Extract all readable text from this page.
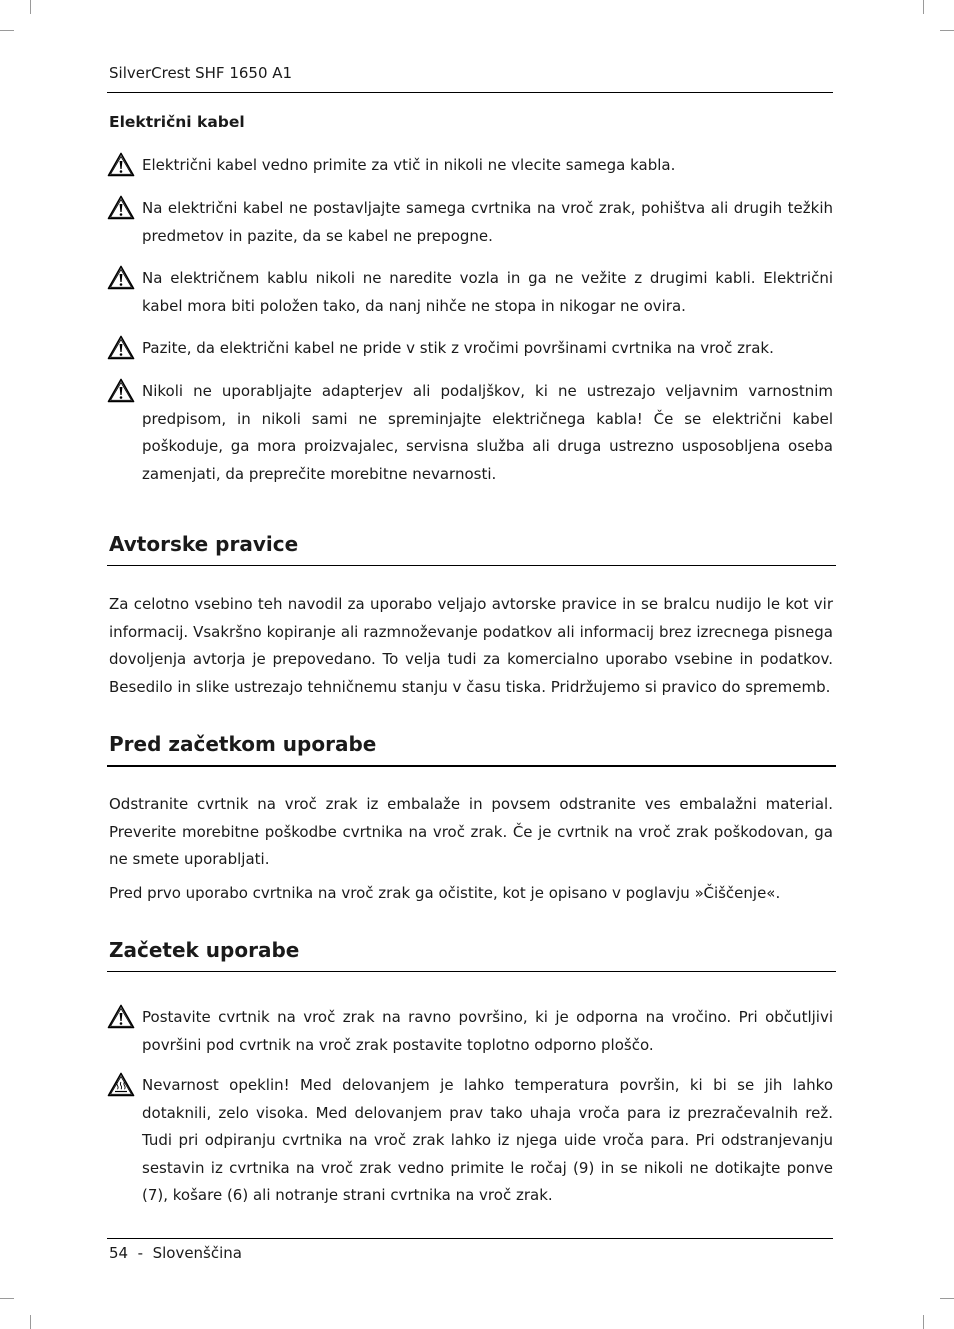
SilverCrest SHF 1650 A1
Električni kabel

Električni kabel vedno primite za vtič in nikoli ne vlecite samega kabla.

Na električni kabel ne postavljajte samega cvrtnika na vroč zrak, pohištva ali drugih težkih predmetov in pazite, da se kabel ne prepogne.

Na električnem kablu nikoli ne naredite vozla in ga ne vežite z drugimi kabli. Električni kabel mora biti položen tako, da nanj nihče ne stopa in nikogar ne ovira.

Pazite, da električni kabel ne pride v stik z vročimi površinami cvrtnika na vroč zrak.

Nikoli ne uporabljajte adapterjev ali podaljškov, ki ne ustrezajo veljavnim varnostnim predpisom, in nikoli sami ne spreminjajte električnega kabla! Če se električni kabel poškoduje, ga mora proizvajalec, servisna služba ali druga ustrezno usposobljena oseba zamenjati, da preprečite morebitne nevarnosti.

Avtorske pravice

Za celotno vsebino teh navodil za uporabo veljajo avtorske pravice in se bralcu nudijo le kot vir informacij. Vsakršno kopiranje ali razmnoževanje podatkov ali informacij brez izrecnega pisnega dovoljenja avtorja je prepovedano. To velja tudi za komercialno uporabo vsebine in podatkov. Besedilo in slike ustrezajo tehničnemu stanju v času tiska. Pridržujemo si pravico do sprememb.

Pred začetkom uporabe

Odstranite cvrtnik na vroč zrak iz embalaže in povsem odstranite ves embalažni material. Preverite morebitne poškodbe cvrtnika na vroč zrak. Če je cvrtnik na vroč zrak poškodovan, ga ne smete uporabljati.

Pred prvo uporabo cvrtnika na vroč zrak ga očistite, kot je opisano v poglavju »Čiščenje«.

Začetek uporabe

Postavite cvrtnik na vroč zrak na ravno površino, ki je odporna na vročino. Pri občutljivi površini pod cvrtnik na vroč zrak postavite toplotno odporno ploščo.

Nevarnost opeklin! Med delovanjem je lahko temperatura površin, ki bi se jih lahko dotaknili, zelo visoka. Med delovanjem prav tako uhaja vroča para iz prezračevalnih rež. Tudi pri odpiranju cvrtnika na vroč zrak lahko iz njega uide vroča para. Pri odstranjevanju sestavin iz cvrtnika na vroč zrak vedno primite le ročaj (9) in se nikoli ne dotikajte ponve (7), košare (6) ali notranje strani cvrtnika na vroč zrak.

54  -  Slovenščina
